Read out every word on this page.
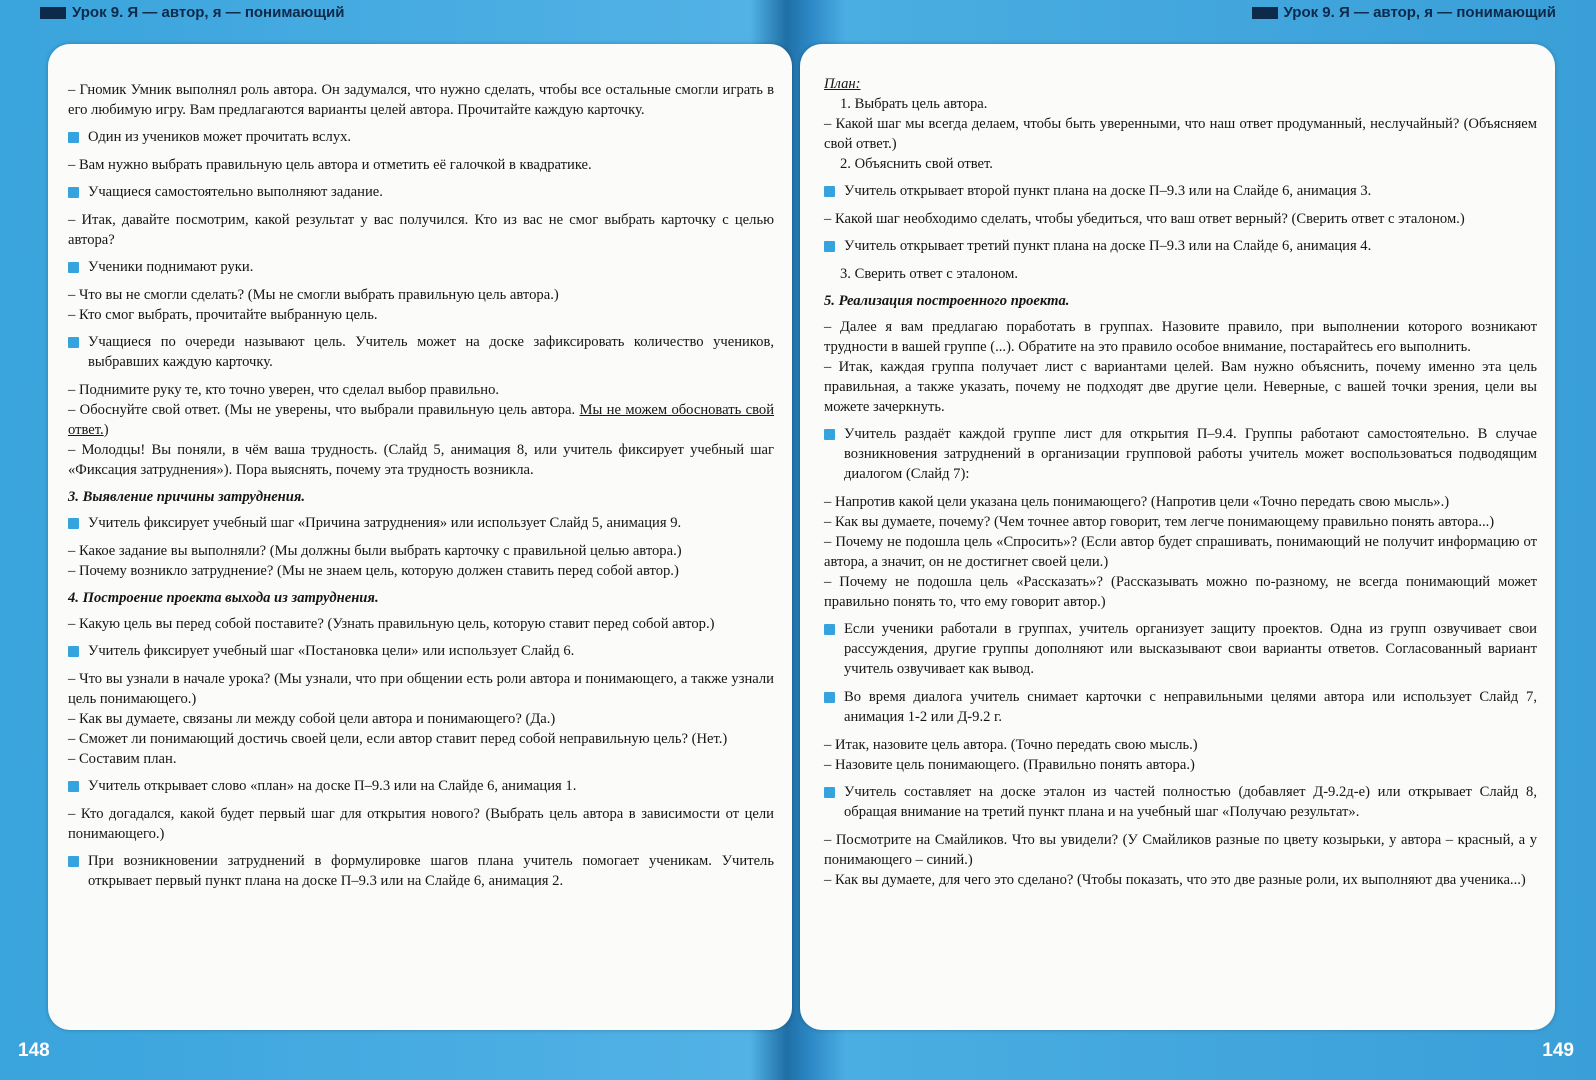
Урок 9. Я — автор, я — понимающий	Урок 9. Я — автор, я — понимающий

– Гномик Умник выполнял роль автора. Он задумался, что нужно сделать, чтобы все остальные смогли играть в его любимую игру. Вам предлагаются варианты целей автора. Прочитайте каждую карточку.

Один из учеников может прочитать вслух.

– Вам нужно выбрать правильную цель автора и отметить её галочкой в квадратике.

Учащиеся самостоятельно выполняют задание.

– Итак, давайте посмотрим, какой результат у вас получился. Кто из вас не смог выбрать карточку с целью автора?

Ученики поднимают руки.

– Что вы не смогли сделать? (Мы не смогли выбрать правильную цель автора.)

– Кто смог выбрать, прочитайте выбранную цель.

Учащиеся по очереди называют цель. Учитель может на доске зафиксировать количество учеников, выбравших каждую карточку.

– Поднимите руку те, кто точно уверен, что сделал выбор правильно.

– Обоснуйте свой ответ. (Мы не уверены, что выбрали правильную цель автора. Мы не можем обосновать свой ответ.)

– Молодцы! Вы поняли, в чём ваша трудность. (Слайд 5, анимация 8, или учитель фиксирует учебный шаг «Фиксация затруднения»). Пора выяснять, почему эта трудность возникла.

3. Выявление причины затруднения.

Учитель фиксирует учебный шаг «Причина затруднения» или использует Слайд 5, анимация 9.

– Какое задание вы выполняли? (Мы должны были выбрать карточку с правильной целью автора.)

– Почему возникло затруднение? (Мы не знаем цель, которую должен ставить перед собой автор.)

4. Построение проекта выхода из затруднения.

– Какую цель вы перед собой поставите? (Узнать правильную цель, которую ставит перед собой автор.)

Учитель фиксирует учебный шаг «Постановка цели» или использует Слайд 6.

– Что вы узнали в начале урока? (Мы узнали, что при общении есть роли автора и понимающего, а также узнали цель понимающего.)

– Как вы думаете, связаны ли между собой цели автора и понимающего? (Да.)

– Сможет ли понимающий достичь своей цели, если автор ставит перед собой неправильную цель? (Нет.)

– Составим план.

Учитель открывает слово «план» на доске П–9.3 или на Слайде 6, анимация 1.

– Кто догадался, какой будет первый шаг для открытия нового? (Выбрать цель автора в зависимости от цели понимающего.)

При возникновении затруднений в формулировке шагов плана учитель помогает ученикам. Учитель открывает первый пункт плана на доске П–9.3 или на Слайде 6, анимация 2.

План:

1. Выбрать цель автора.

– Какой шаг мы всегда делаем, чтобы быть уверенными, что наш ответ продуманный, неслучайный? (Объясняем свой ответ.)

2. Объяснить свой ответ.

Учитель открывает второй пункт плана на доске П–9.3 или на Слайде 6, анимация 3.

– Какой шаг необходимо сделать, чтобы убедиться, что ваш ответ верный? (Сверить ответ с эталоном.)

Учитель открывает третий пункт плана на доске П–9.3 или на Слайде 6, анимация 4.

3. Сверить ответ с эталоном.

5. Реализация построенного проекта.

– Далее я вам предлагаю поработать в группах. Назовите правило, при выполнении которого возникают трудности в вашей группе (...). Обратите на это правило особое внимание, постарайтесь его выполнить.

– Итак, каждая группа получает лист с вариантами целей. Вам нужно объяснить, почему именно эта цель правильная, а также указать, почему не подходят две другие цели. Неверные, с вашей точки зрения, цели вы можете зачеркнуть.

Учитель раздаёт каждой группе лист для открытия П–9.4. Группы работают самостоятельно. В случае возникновения затруднений в организации групповой работы учитель может воспользоваться подводящим диалогом (Слайд 7):

– Напротив какой цели указана цель понимающего? (Напротив цели «Точно передать свою мысль».)

– Как вы думаете, почему? (Чем точнее автор говорит, тем легче понимающему правильно понять автора...)

– Почему не подошла цель «Спросить»? (Если автор будет спрашивать, понимающий не получит информацию от автора, а значит, он не достигнет своей цели.)

– Почему не подошла цель «Рассказать»? (Рассказывать можно по-разному, не всегда понимающий может правильно понять то, что ему говорит автор.)

Если ученики работали в группах, учитель организует защиту проектов. Одна из групп озвучивает свои рассуждения, другие группы дополняют или высказывают свои варианты ответов. Согласованный вариант учитель озвучивает как вывод.

Во время диалога учитель снимает карточки с неправильными целями автора или использует Слайд 7, анимация 1-2 или Д-9.2 г.

– Итак, назовите цель автора. (Точно передать свою мысль.)

– Назовите цель понимающего. (Правильно понять автора.)

Учитель составляет на доске эталон из частей полностью (добавляет Д-9.2д-е) или открывает Слайд 8, обращая внимание на третий пункт плана и на учебный шаг «Получаю результат».

– Посмотрите на Смайликов. Что вы увидели? (У Смайликов разные по цвету козырьки, у автора – красный, а у понимающего – синий.)

– Как вы думаете, для чего это сделано? (Чтобы показать, что это две разные роли, их выполняют два ученика...)

148	149
